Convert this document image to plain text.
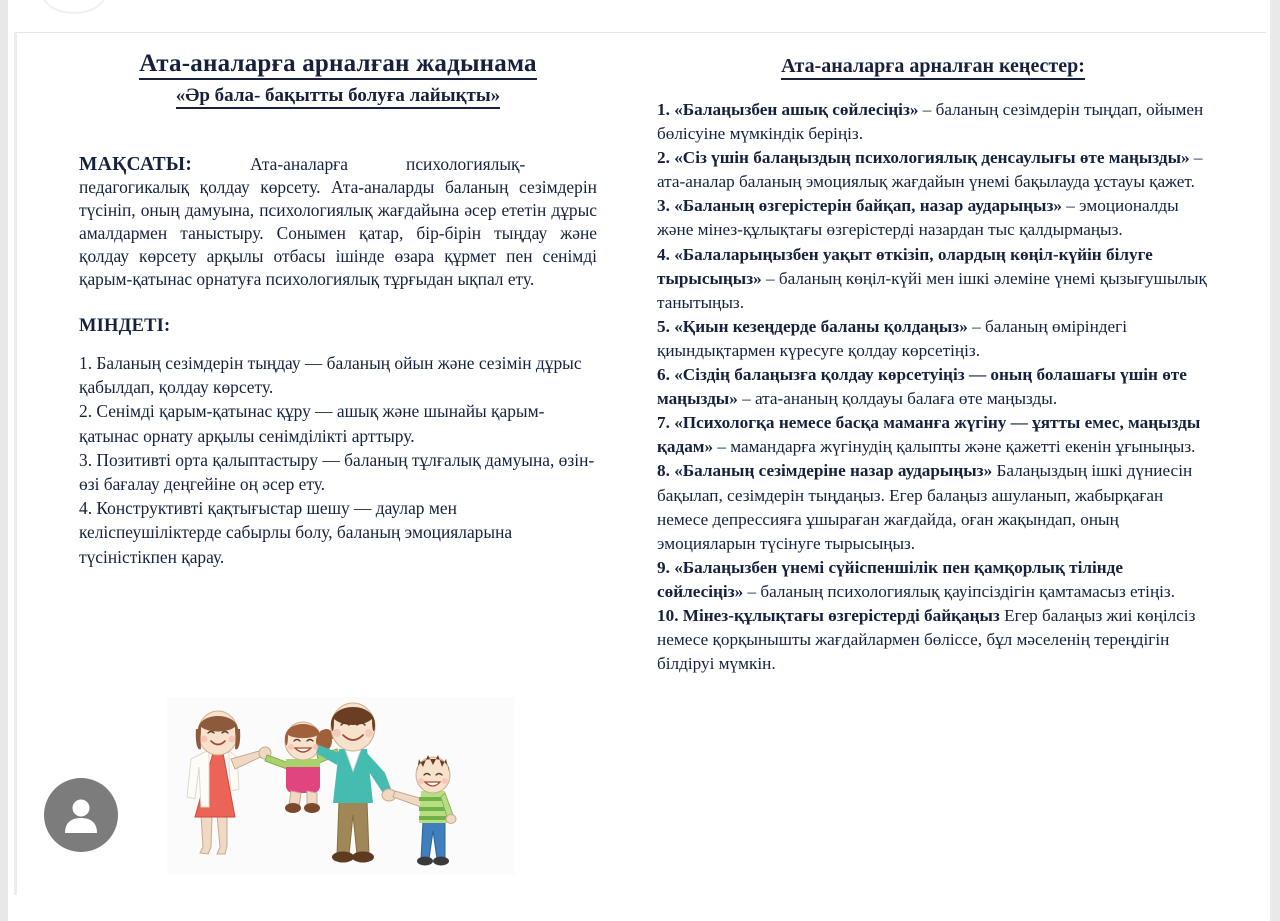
Ата-аналарға арналған жадынама
«Әр бала- бақытты болуға лайықты»
МАҚСАТЫ:	Ата-аналарға	психологиялық- педагогикалық қолдау көрсету. Ата-аналарды баланың сезімдерін түсініп, оның дамуына, психологиялық жағдайына әсер ететін дұрыс амалдармен таныстыру. Сонымен қатар, бір-бірін тыңдау және қолдау көрсету арқылы отбасы ішінде өзара құрмет пен сенімді қарым-қатынас орнатуға психологиялық тұрғыдан ықпал ету.
МІНДЕТІ:
1. Баланың сезімдерін тыңдау — баланың ойын және сезімін дұрыс қабылдап, қолдау көрсету.
2. Сенімді қарым-қатынас құру — ашық және шынайы қарым-қатынас орнату арқылы сенімділікті арттыру.
3. Позитивті орта қалыптастыру — баланың тұлғалық дамуына, өзін-өзі бағалау деңгейіне оң әсер ету.
4. Конструктивті қақтығыстар шешу — даулар мен келіспеушіліктерде сабырлы болу, баланың эмоцияларына түсіністікпен қарау.
Ата-аналарға арналған кеңестер:

1. «Балаңызбен ашық сөйлесіңіз» – баланың сезімдерін тыңдап, ойымен бөлісуіне мүмкіндік беріңіз.

2. «Сіз үшін балаңыздың психологиялық денсаулығы өте маңызды» – ата-аналар баланың эмоциялық жағдайын үнемі бақылауда ұстауы қажет.

3. «Баланың өзгерістерін байқап, назар аударыңыз» – эмоционалды және мінез-құлықтағы өзгерістерді назардан тыс қалдырмаңыз.

4. «Балаларыңызбен уақыт өткізіп, олардың көңіл-күйін білуге тырысыңыз» – баланың көңіл-күйі мен ішкі әлеміне үнемі қызығушылық танытыңыз.

5. «Қиын кезеңдерде баланы қолдаңыз» – баланың өміріндегі қиындықтармен күресуге қолдау көрсетіңіз.

6. «Сіздің балаңызға қолдау көрсетуіңіз — оның болашағы үшін өте маңызды» – ата-ананың қолдауы балаға өте маңызды.

7. «Психологқа немесе басқа маманға жүгіну — ұятты емес, маңызды қадам» – мамандарға жүгінудің қалыпты және қажетті екенін ұғыныңыз.

8. «Баланың сезімдеріне назар аударыңыз» Балаңыздың ішкі дүниесін бақылап, сезімдерін тыңдаңыз. Егер балаңыз ашуланып, жабырқаған немесе депрессияға ұшыраған жағдайда, оған жақындап, оның эмоцияларын түсінуге тырысыңыз.

9. «Балаңызбен үнемі сүйіспеншілік пен қамқорлық тілінде сөйлесіңіз» – баланың психологиялық қауіпсіздігін қамтамасыз етіңіз.

10. Мінез-құлықтағы өзгерістерді байқаңыз Егер балаңыз жиі көңілсіз немесе қорқынышты жағдайлармен бөліссе, бұл мәселенің тереңдігін білдіруі мүмкін.
